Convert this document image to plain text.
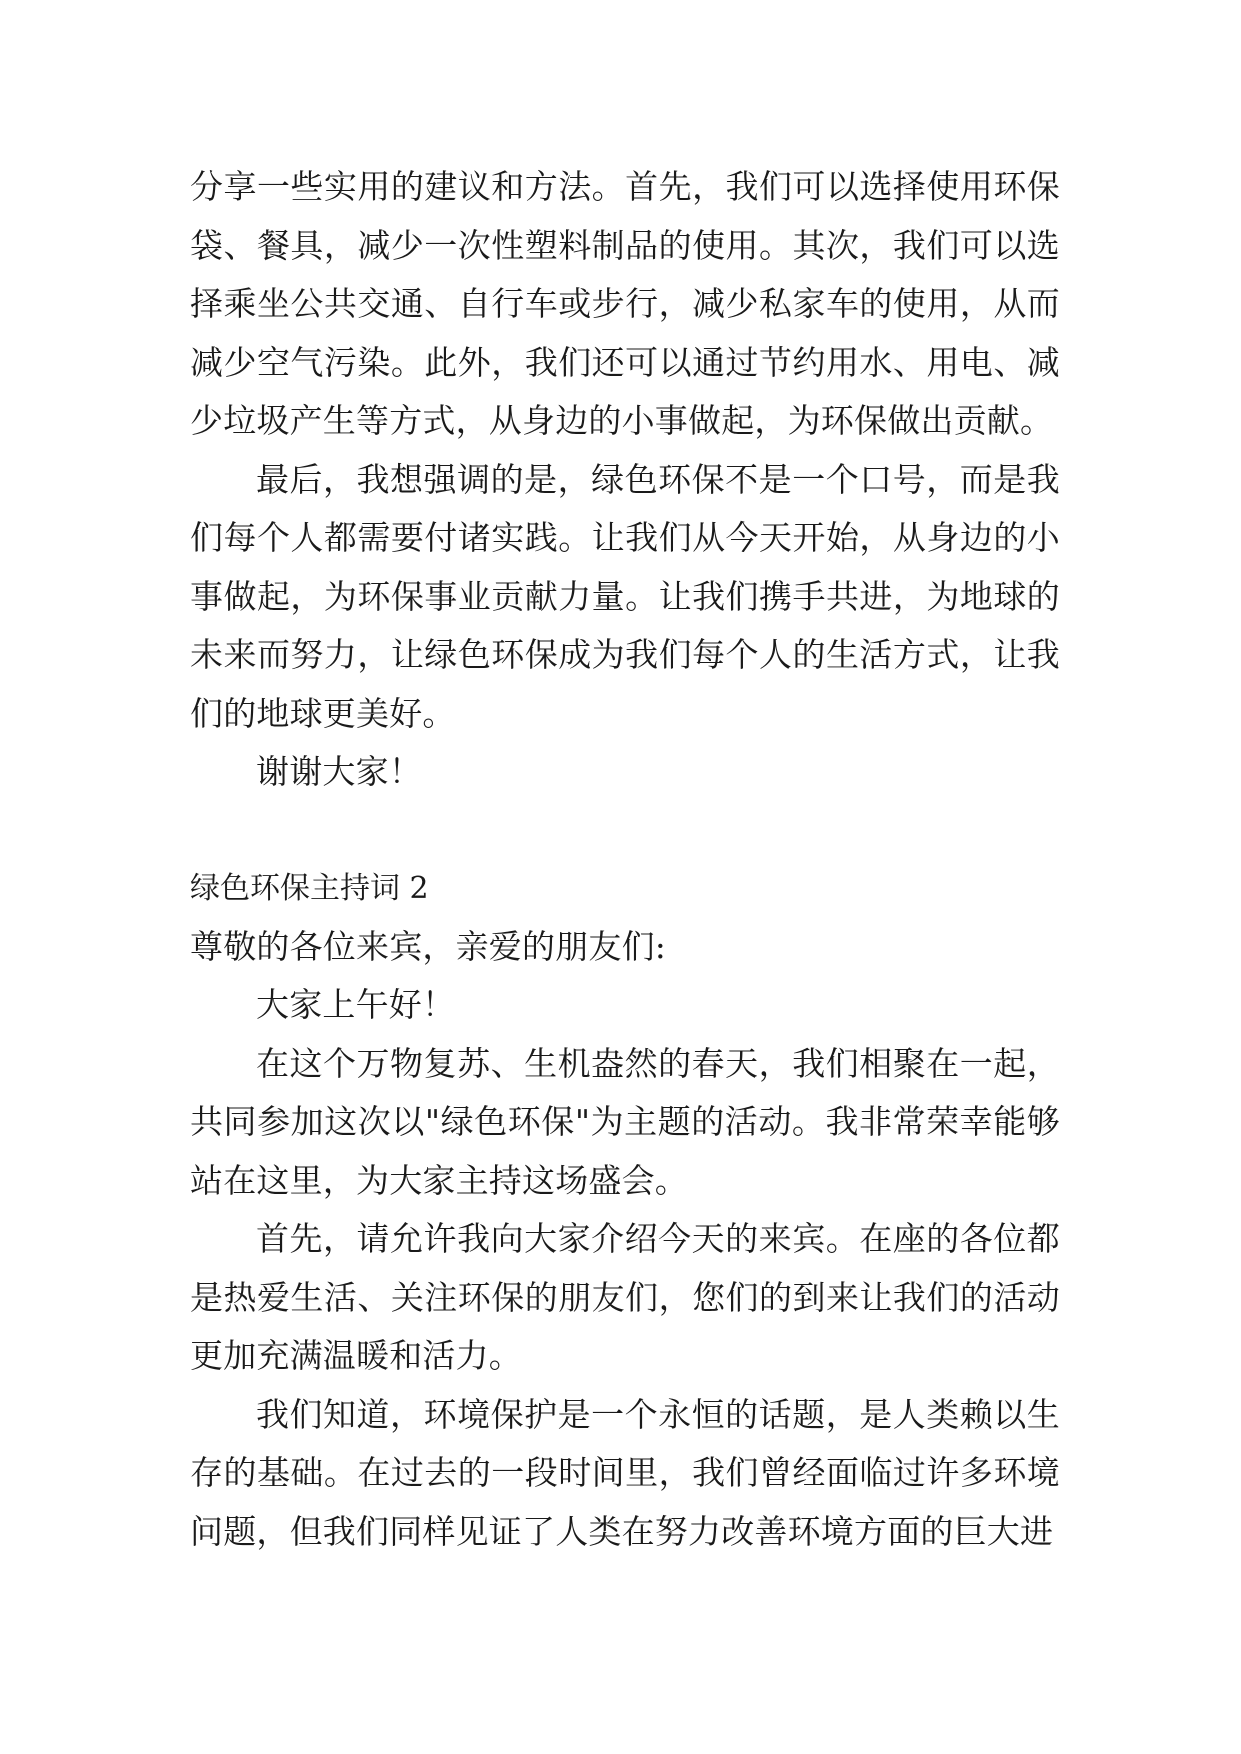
分享一些实用的建议和方法。首先，我们可以选择使用环保袋、餐具，减少一次性塑料制品的使用。其次，我们可以选择乘坐公共交通、自行车或步行，减少私家车的使用，从而减少空气污染。此外，我们还可以通过节约用水、用电、减少垃圾产生等方式，从身边的小事做起，为环保做出贡献。

最后，我想强调的是，绿色环保不是一个口号，而是我们每个人都需要付诸实践。让我们从今天开始，从身边的小事做起，为环保事业贡献力量。让我们携手共进，为地球的未来而努力，让绿色环保成为我们每个人的生活方式，让我们的地球更美好。

谢谢大家！

绿色环保主持词 2

尊敬的各位来宾，亲爱的朋友们:

大家上午好！

在这个万物复苏、生机盎然的春天，我们相聚在一起，共同参加这次以"绿色环保"为主题的活动。我非常荣幸能够站在这里，为大家主持这场盛会。

首先，请允许我向大家介绍今天的来宾。在座的各位都是热爱生活、关注环保的朋友们，您们的到来让我们的活动更加充满温暖和活力。

我们知道，环境保护是一个永恒的话题，是人类赖以生存的基础。在过去的一段时间里，我们曾经面临过许多环境问题，但我们同样见证了人类在努力改善环境方面的巨大进
